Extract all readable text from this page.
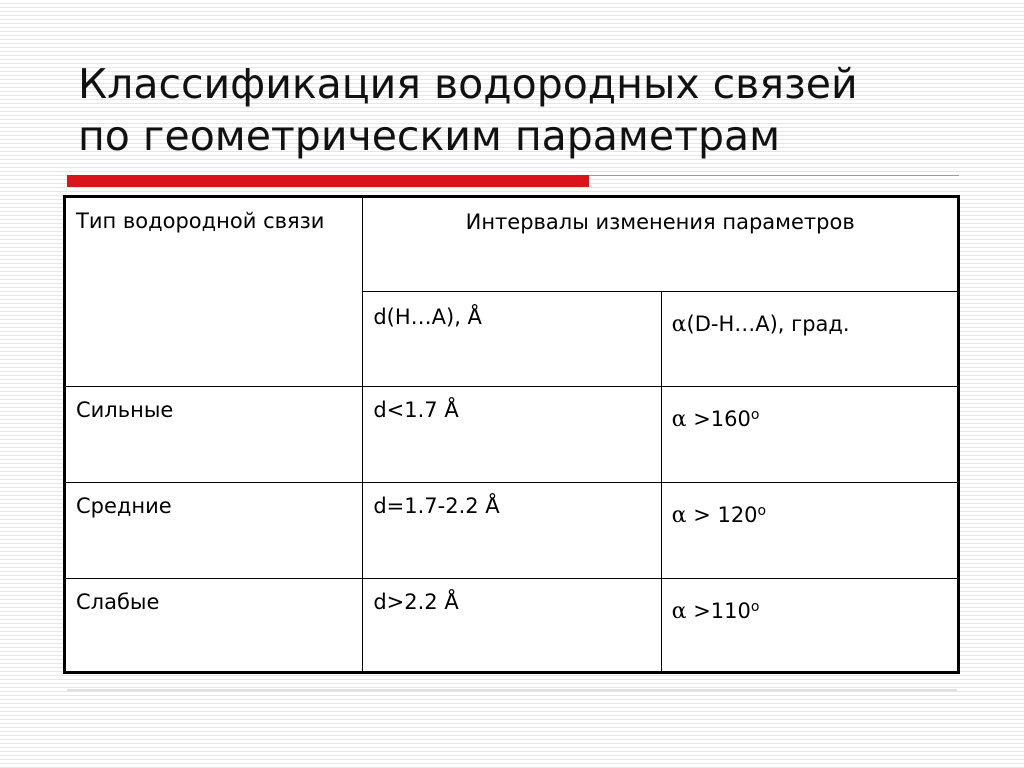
Классификация водородных связей
по геометрическим параметрам
Тип водородной связи	Интервалы изменения параметров	
	d(H…A), Å	α(D-H…A), град.
Сильные	d<1.7 Å	$\alpha >160^o$
Средние	d=1.7-2.2 Å	$\alpha > 120^o$
Слабые	d>2.2 Å	$\alpha >110^o$
